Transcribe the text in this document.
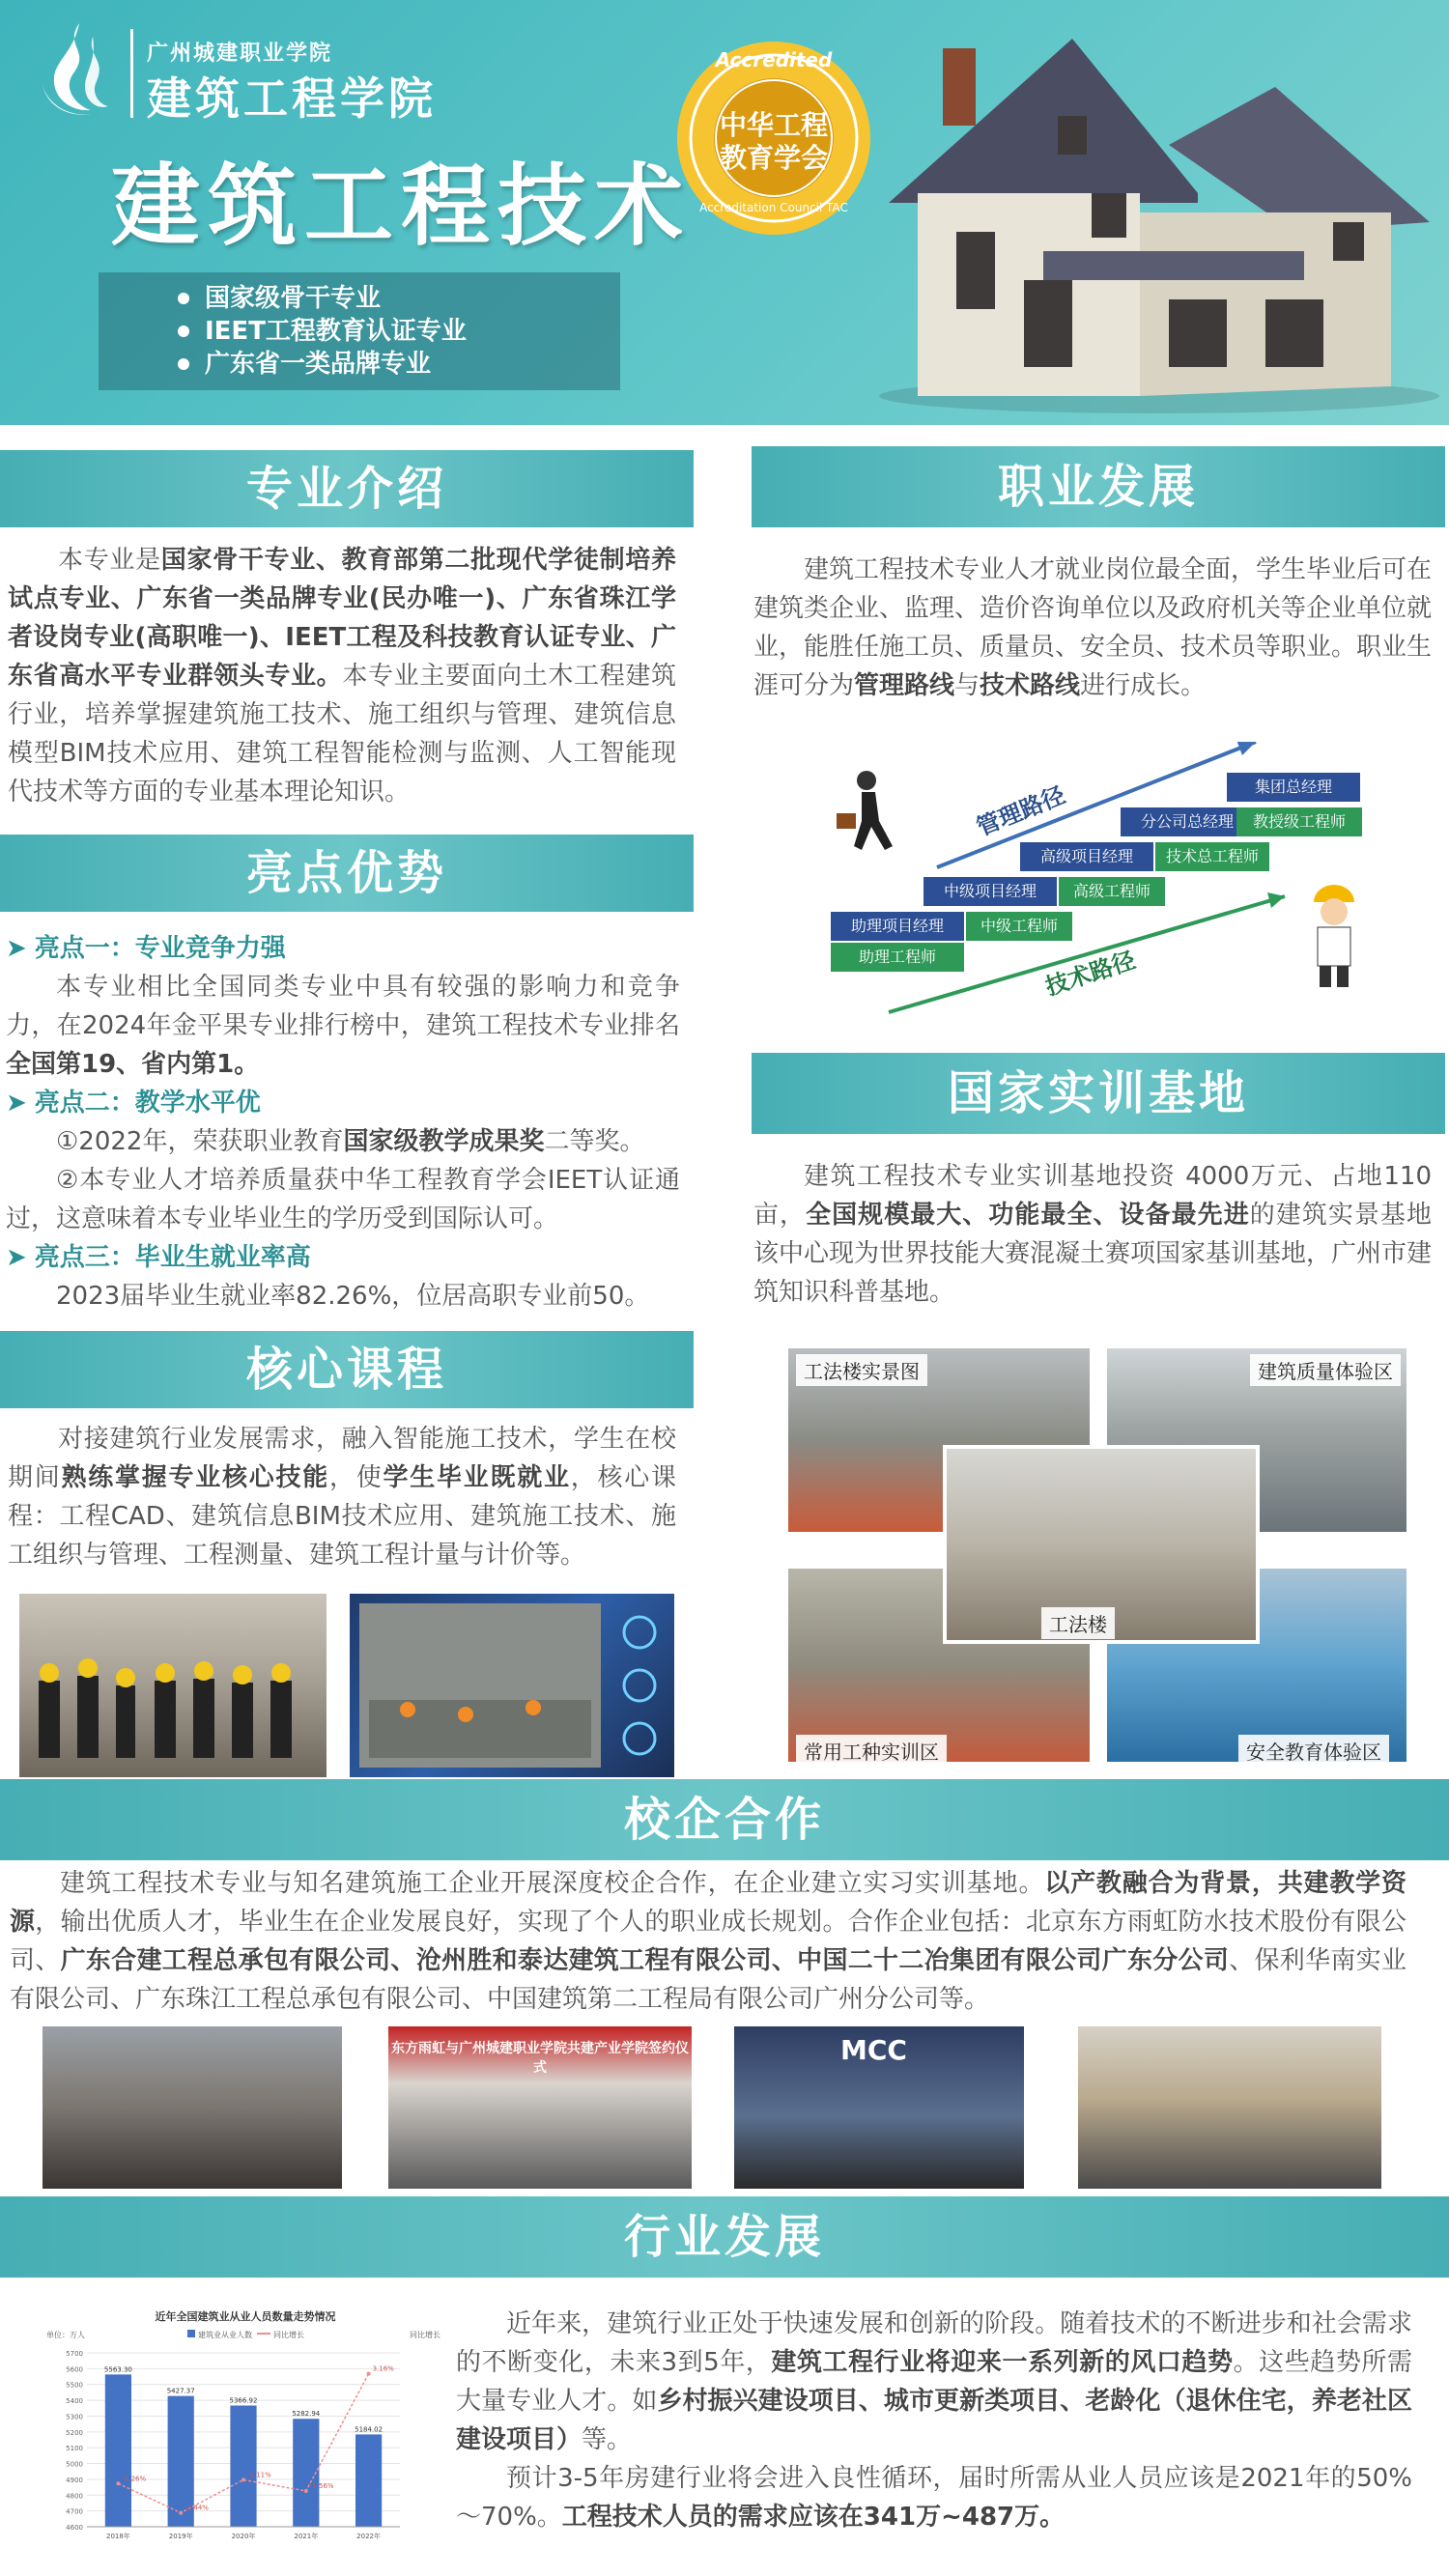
广州城建职业学院
建筑工程学院
建筑工程技术
国家级骨干专业
IEET工程教育认证专业
广东省一类品牌专业
Accredited
中华工程
教育学会
Accreditation Council TAC
专业介绍
本专业是国家骨干专业、教育部第二批现代学徒制培养试点专业、广东省一类品牌专业(民办唯一)、广东省珠江学者设岗专业(高职唯一)、IEET工程及科技教育认证专业、广东省高水平专业群领头专业。本专业主要面向土木工程建筑行业，培养掌握建筑施工技术、施工组织与管理、建筑信息模型BIM技术应用、建筑工程智能检测与监测、人工智能现代技术等方面的专业基本理论知识。
亮点优势
➤ 亮点一：专业竞争力强
本专业相比全国同类专业中具有较强的影响力和竞争力，在2024年金平果专业排行榜中，建筑工程技术专业排名全国第19、省内第1。
➤ 亮点二：教学水平优
①2022年，荣获职业教育国家级教学成果奖二等奖。
②本专业人才培养质量获中华工程教育学会IEET认证通过，这意味着本专业毕业生的学历受到国际认可。
➤ 亮点三：毕业生就业率高
2023届毕业生就业率82.26%，位居高职专业前50。
核心课程
对接建筑行业发展需求，融入智能施工技术，学生在校期间熟练掌握专业核心技能，使学生毕业既就业，核心课程：工程CAD、建筑信息BIM技术应用、建筑施工技术、施工组织与管理、工程测量、建筑工程计量与计价等。
职业发展
建筑工程技术专业人才就业岗位最全面，学生毕业后可在建筑类企业、监理、造价咨询单位以及政府机关等企业单位就业，能胜任施工员、质量员、安全员、技术员等职业。职业生涯可分为管理路线与技术路线进行成长。
管理路径
技术路径
助理项目经理
助理工程师
中级项目经理
中级工程师
高级项目经理
高级工程师
分公司总经理
技术总工程师
集团总经理
教授级工程师
国家实训基地
建筑工程技术专业实训基地投资 4000万元、占地110 亩，全国规模最大、功能最全、设备最先进的建筑实景基地该中心现为世界技能大赛混凝土赛项国家基训基地，广州市建筑知识科普基地。
工法楼实景图	建筑质量体验区
常用工种实训区	安全教育体验区
工法楼
校企合作
建筑工程技术专业与知名建筑施工企业开展深度校企合作，在企业建立实习实训基地。以产教融合为背景，共建教学资源，输出优质人才，毕业生在企业发展良好，实现了个人的职业成长规划。合作企业包括：北京东方雨虹防水技术股份有限公司、广东合建工程总承包有限公司、沧州胜和泰达建筑工程有限公司、中国二十二冶集团有限公司广东分公司、保利华南实业有限公司、广东珠江工程总承包有限公司、中国建筑第二工程局有限公司广州分公司等。
东方雨虹与广州城建职业学院共建产业学院签约仪式
MCC
行业发展
近年全国建筑业从业人员数量走势情况
单位：万人	同比增长
建筑业从业人数	同比增长
4600
4700
4800
4900
5000
5100
5200
5300
5400
5500
5600
5700
5563.30
2018年
5427.37
2019年
5366.92
2020年
5282.94
2021年
5184.02
2022年
-1.26%
-2.44%
-1.11%
-1.56%
3.16%
近年来，建筑行业正处于快速发展和创新的阶段。随着技术的不断进步和社会需求的不断变化，未来3到5年，建筑工程行业将迎来一系列新的风口趋势。这些趋势所需大量专业人才。如乡村振兴建设项目、城市更新类项目、老龄化（退休住宅，养老社区建设项目）等。
预计3-5年房建行业将会进入良性循环，届时所需从业人员应该是2021年的50%～70%。工程技术人员的需求应该在341万~487万。
